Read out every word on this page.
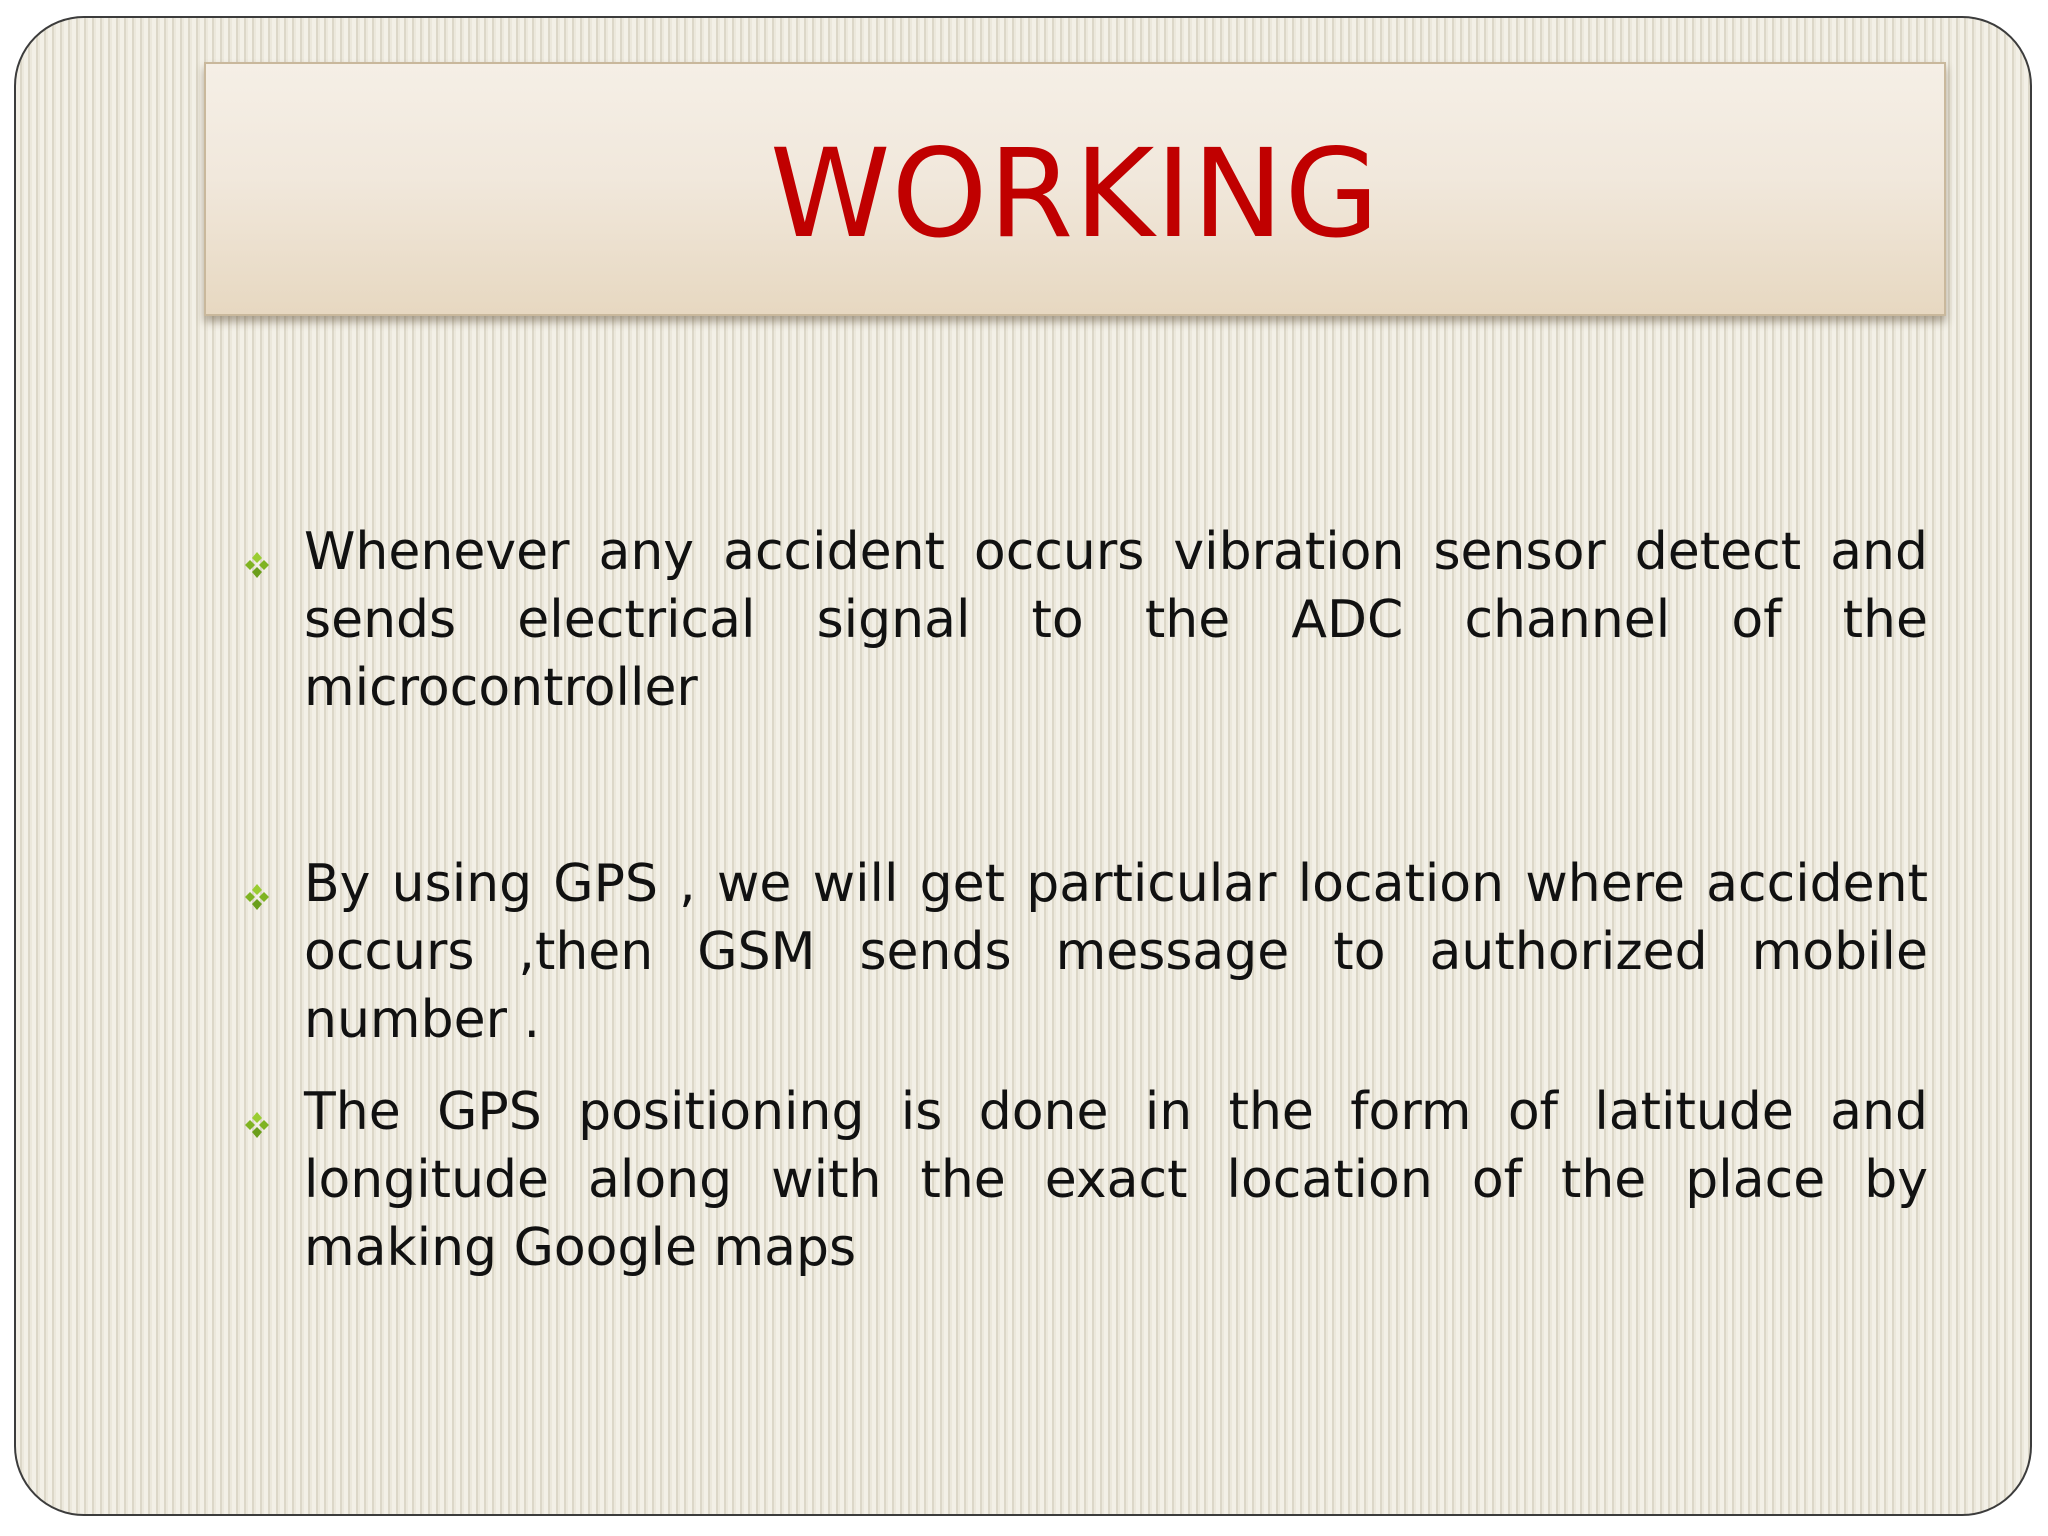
WORKING
Whenever any accident occurs vibration sensor detect and sends electrical signal to the ADC channel of the microcontroller
By using GPS , we will get particular location where accident occurs ,then GSM sends message to authorized mobile number .
The GPS positioning is done in the form of latitude and longitude along with the exact location of the place by making Google maps
